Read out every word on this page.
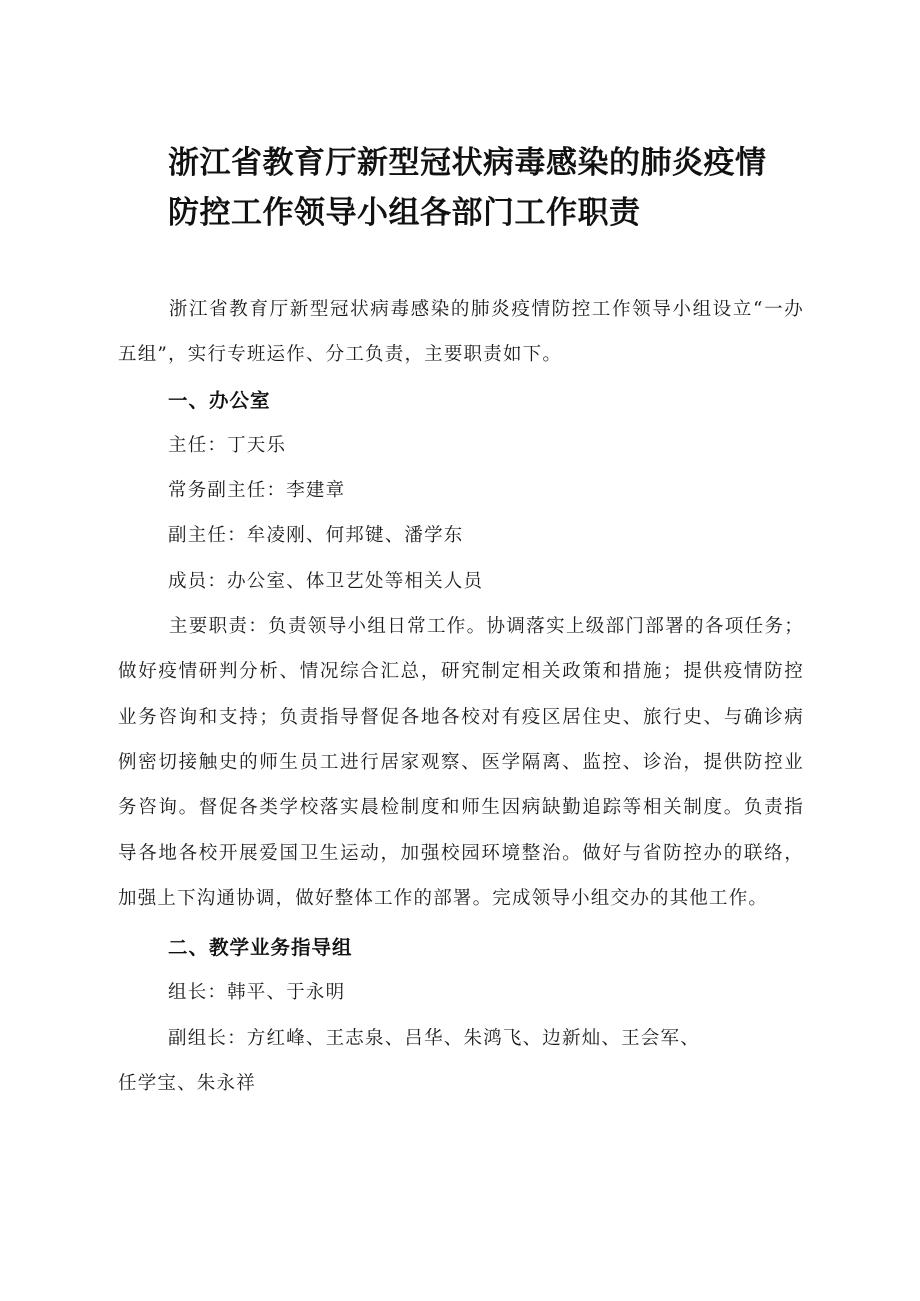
浙江省教育厅新型冠状病毒感染的肺炎疫情
防控工作领导小组各部门工作职责

浙江省教育厅新型冠状病毒感染的肺炎疫情防控工作领导小组设立“一办五组”，实行专班运作、分工负责，主要职责如下。

一、办公室

主任：丁天乐

常务副主任：李建章

副主任：牟凌刚、何邦键、潘学东

成员：办公室、体卫艺处等相关人员

主要职责：负责领导小组日常工作。协调落实上级部门部署的各项任务；做好疫情研判分析、情况综合汇总，研究制定相关政策和措施；提供疫情防控业务咨询和支持；负责指导督促各地各校对有疫区居住史、旅行史、与确诊病例密切接触史的师生员工进行居家观察、医学隔离、监控、诊治，提供防控业务咨询。督促各类学校落实晨检制度和师生因病缺勤追踪等相关制度。负责指导各地各校开展爱国卫生运动，加强校园环境整治。做好与省防控办的联络，加强上下沟通协调，做好整体工作的部署。完成领导小组交办的其他工作。

二、教学业务指导组

组长：韩平、于永明

副组长：方红峰、王志泉、吕华、朱鸿飞、边新灿、王会军、

任学宝、朱永祥
